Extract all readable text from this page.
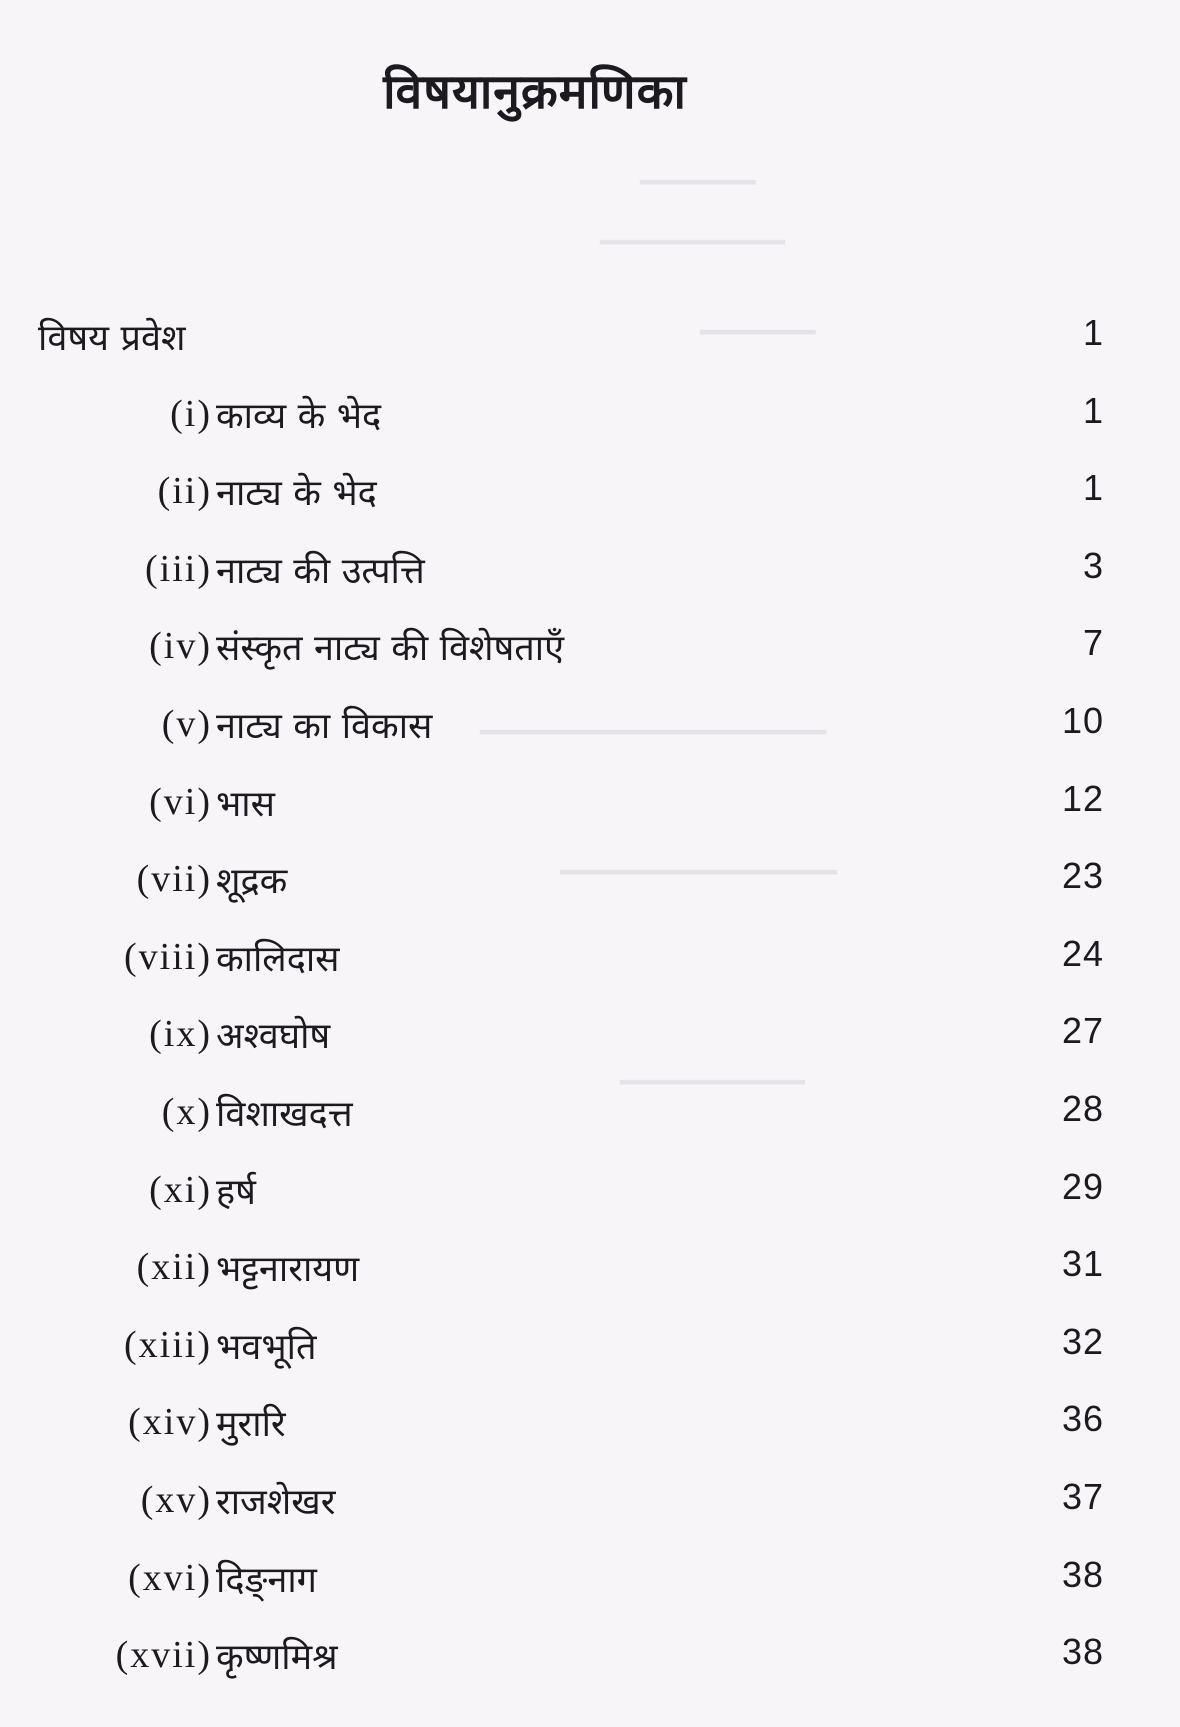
▁▁▁▁▁
▁▁▁▁▁▁▁▁
▁▁▁▁▁
▁▁▁▁▁▁▁▁▁▁▁▁▁▁▁
▁▁▁▁▁▁▁▁▁▁▁▁
▁▁▁▁▁▁▁▁
विषयानुक्रमणिका
विषय प्रवेश	1
(i) काव्य के भेद	1
(ii) नाट्य के भेद	1
(iii) नाट्य की उत्पत्ति	3
(iv) संस्कृत नाट्य की विशेषताएँ	7
(v) नाट्य का विकास	10
(vi) भास	12
(vii) शूद्रक	23
(viii) कालिदास	24
(ix) अश्वघोष	27
(x) विशाखदत्त	28
(xi) हर्ष	29
(xii) भट्टनारायण	31
(xiii) भवभूति	32
(xiv) मुरारि	36
(xv) राजशेखर	37
(xvi) दिङ्नाग	38
(xvii) कृष्णमिश्र	38
